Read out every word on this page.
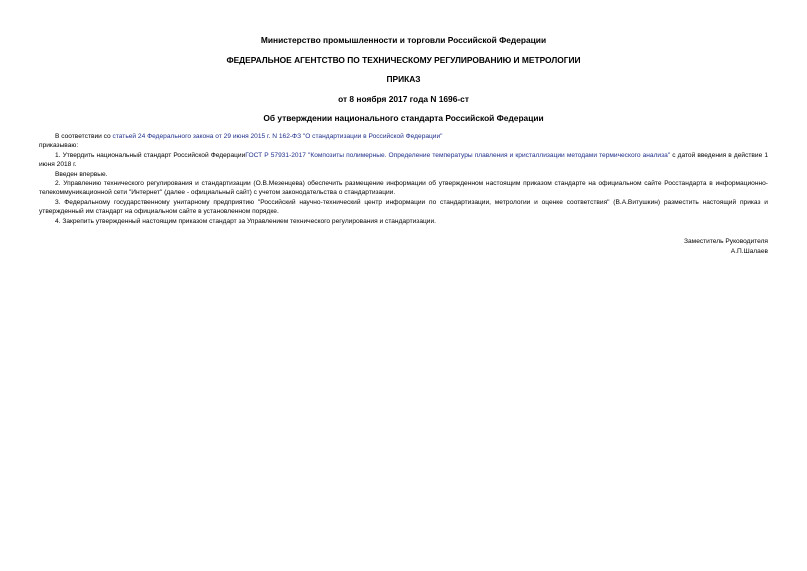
Министерство промышленности и торговли Российской Федерации
ФЕДЕРАЛЬНОЕ АГЕНТСТВО ПО ТЕХНИЧЕСКОМУ РЕГУЛИРОВАНИЮ И МЕТРОЛОГИИ
ПРИКАЗ
от 8 ноября 2017 года N 1696-ст
Об утверждении национального стандарта Российской Федерации

В соответствии со статьей 24 Федерального закона от 29 июня 2015 г. N 162-ФЗ "О стандартизации в Российской Федерации"

приказываю:

1. Утвердить национальный стандарт Российской ФедерацииГОСТ Р 57931-2017 "Композиты полимерные. Определение температуры плавления и кристаллизации методами термического анализа" с датой введения в действие 1 июня 2018 г.

Введен впервые.

2. Управлению технического регулирования и стандартизации (О.В.Мезенцева) обеспечить размещение информации об утвержденном настоящим приказом стандарте на официальном сайте Росстандарта в информационно-телекоммуникационной сети "Интернет" (далее - официальный сайт) с учетом законодательства о стандартизации.

3. Федеральному государственному унитарному предприятию "Российский научно-технический центр информации по стандартизации, метрологии и оценке соответствия" (В.А.Витушкин) разместить настоящий приказ и утвержденный им стандарт на официальном сайте в установленном порядке.

4. Закрепить утвержденный настоящим приказом стандарт за Управлением технического регулирования и стандартизации.

Заместитель Руководителя
А.П.Шалаев
